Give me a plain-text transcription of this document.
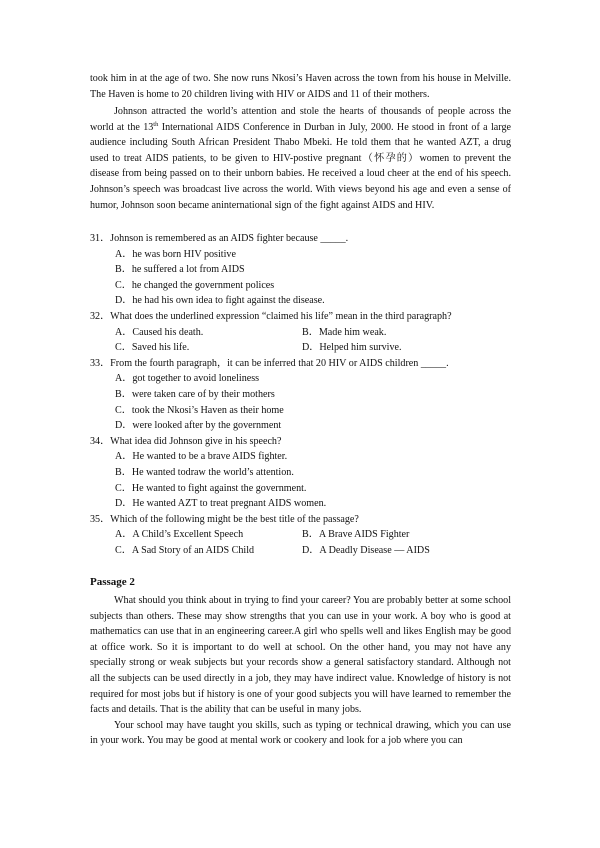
took him in at the age of two. She now runs Nkosi’s Haven across the town from his house in Melville. The Haven is home to 20 children living with HIV or AIDS and 11 of their mothers.

Johnson attracted the world’s attention and stole the hearts of thousands of people across the world at the 13th International AIDS Conference in Durban in July, 2000. He stood in front of a large audience including South African President Thabo Mbeki. He told them that he wanted AZT, a drug used to treat AIDS patients, to be given to HIV-postive pregnant（怀孕的）women to prevent the disease from being passed on to their unborn babies. He received a loud cheer at the end of his speech. Johnson’s speech was broadcast live across the world. With views beyond his age and even a sense of humor, Johnson soon became aninternational sign of the fight against AIDS and HIV.

31．Johnson is remembered as an AIDS fighter because _____.
A．he was born HIV positive
B．he suffered a lot from AIDS
C．he changed the government polices
D．he had his own idea to fight against the disease.
32．What does the underlined expression “claimed his life” mean in the third paragraph?
A．Caused his death.	B．Made him weak.
C．Saved his life.	D．Helped him survive.
33．From the fourth paragraph，it can be inferred that 20 HIV or AIDS children _____.
A．got together to avoid loneliness
B．were taken care of by their mothers
C．took the Nkosi’s Haven as their home
D．were looked after by the government
34．What idea did Johnson give in his speech?
A．He wanted to be a brave AIDS fighter.
B．He wanted todraw the world’s attention.
C．He wanted to fight against the government.
D．He wanted AZT to treat pregnant AIDS women.
35．Which of the following might be the best title of the passage?
A．A Child’s Excellent Speech	B．A Brave AIDS Fighter
C．A Sad Story of an AIDS Child	D．A Deadly Disease — AIDS
Passage 2

What should you think about in trying to find your career? You are probably better at some school subjects than others. These may show strengths that you can use in your work. A boy who is good at mathematics can use that in an engineering career.A girl who spells well and likes English may be good at office work. So it is important to do well at school. On the other hand, you may not have any specially strong or weak subjects but your records show a general satisfactory standard. Although not all the subjects can be used directly in a job, they may have indirect value. Knowledge of history is not required for most jobs but if history is one of your good subjects you will have learned to remember the facts and details. That is the ability that can be useful in many jobs.

Your school may have taught you skills, such as typing or technical drawing, which you can use in your work. You may be good at mental work or cookery and look for a job where you can
